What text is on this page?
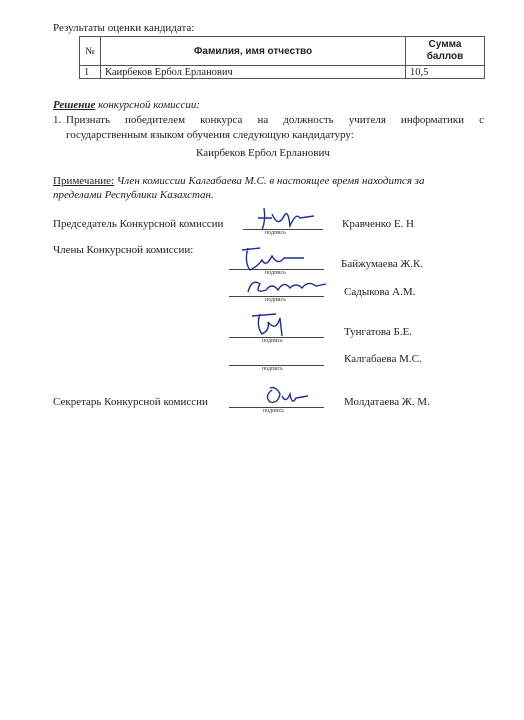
Результаты оценки кандидата:
№	Фамилия, имя отчество	Сумма баллов
1	Каирбеков Ербол Ерланович	10,5
Решение конкурсной комиссии:
1. Признать победителем конкурса на должность учителя информатики с
государственным языком обучения следующую кандидатуру:
Каирбеков Ербол Ерланович
Примечание: Член комиссии Калгабаева М.С. в настоящее время находится за
пределами Республики Казахстан.
Председатель Конкурсной комиссии
подпись
Кравченко Е. Н
Члены Конкурсной комиссии:
подпись
Байжумаева Ж.К.
подпись
Садыкова А.М.
подпись
Тунгатова Б.Е.
подпись
Калгабаева М.С.
Секретарь Конкурсной комиссии
подпись
Молдатаева Ж. М.
